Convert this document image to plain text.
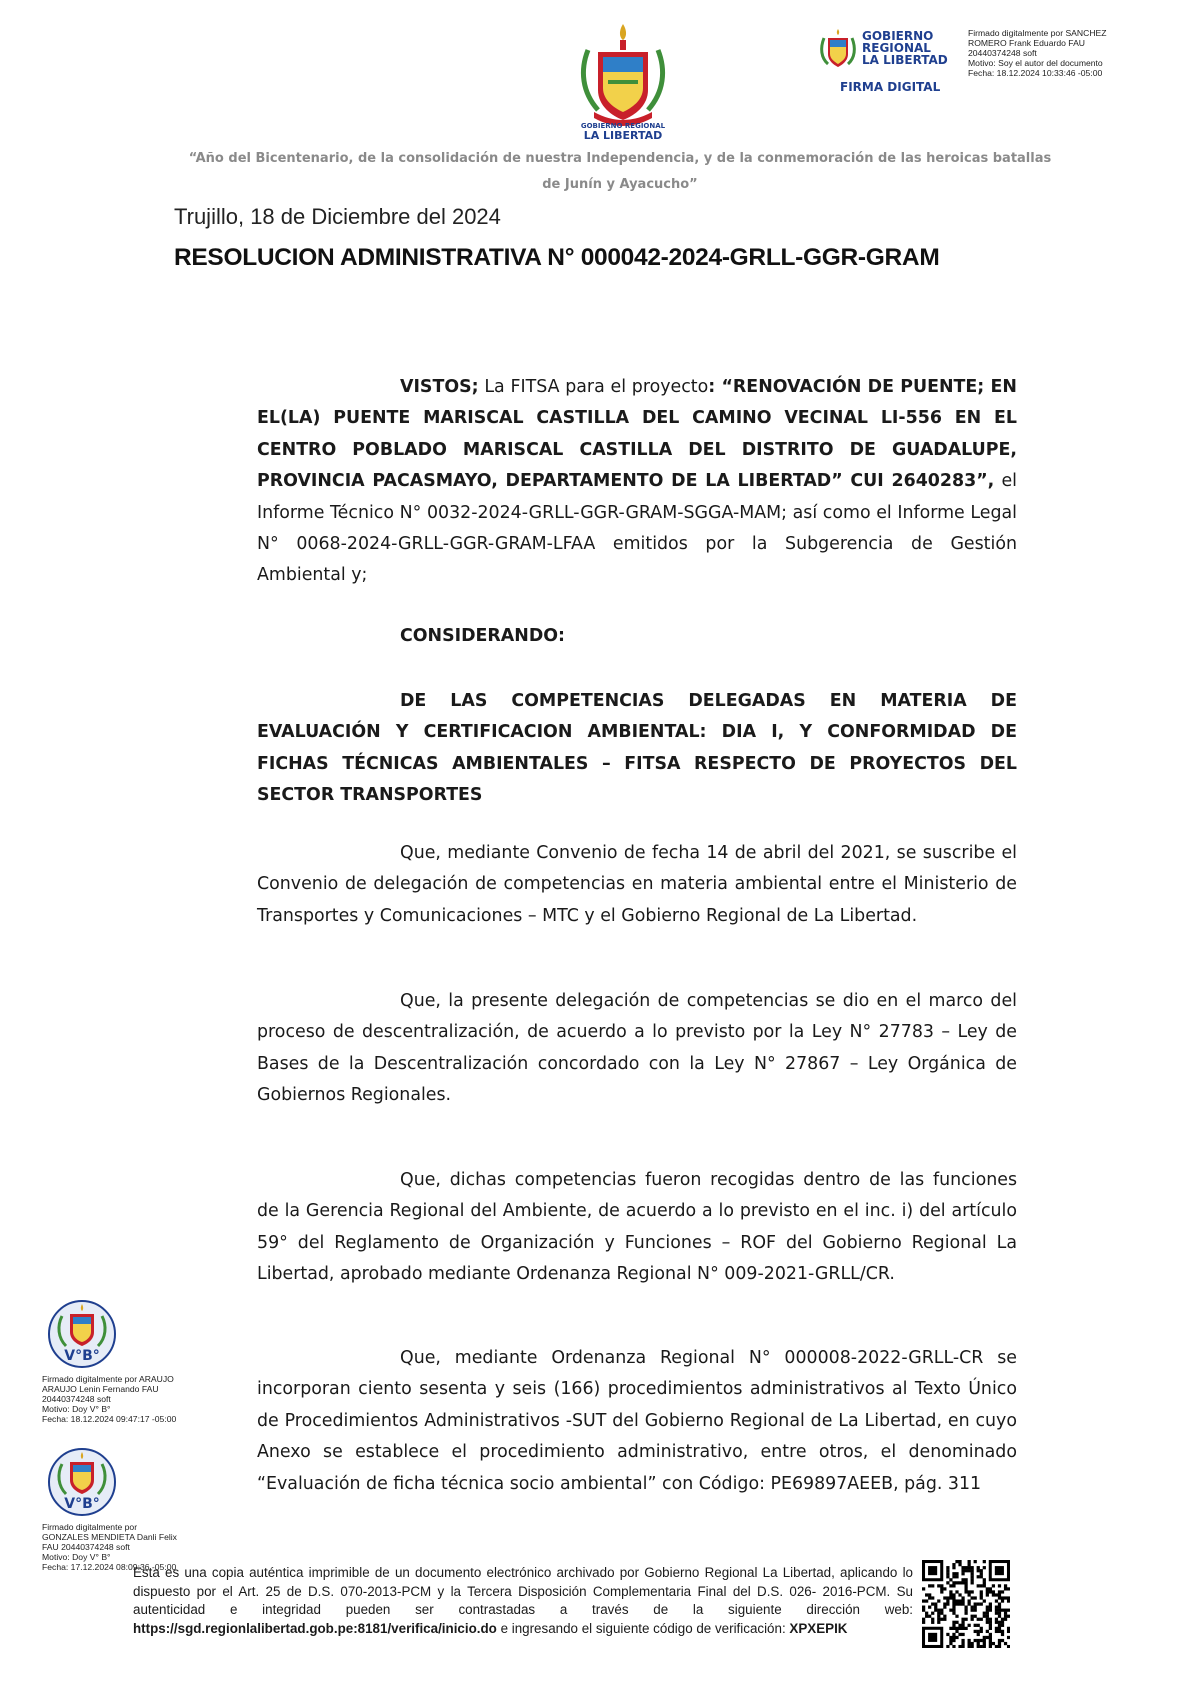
GOBIERNO REGIONAL
LA LIBERTAD
GOBIERNO
REGIONAL
LA LIBERTAD
FIRMA DIGITAL
Firmado digitalmente por SANCHEZ
ROMERO Frank Eduardo FAU
20440374248 soft
Motivo: Soy el autor del documento
Fecha: 18.12.2024 10:33:46 -05:00
“Año del Bicentenario, de la consolidación de nuestra Independencia, y de la conmemoración de las heroicas batallas de Junín y Ayacucho”
Trujillo, 18 de Diciembre del 2024
RESOLUCION ADMINISTRATIVA N° 000042-2024-GRLL-GGR-GRAM
VISTOS; La FITSA para el proyecto: “RENOVACIÓN DE PUENTE; EN EL(LA) PUENTE MARISCAL CASTILLA DEL CAMINO VECINAL LI-556 EN EL CENTRO POBLADO MARISCAL CASTILLA DEL DISTRITO DE GUADALUPE, PROVINCIA PACASMAYO, DEPARTAMENTO DE LA LIBERTAD” CUI 2640283”, el Informe Técnico N° 0032-2024-GRLL-GGR-GRAM-SGGA-MAM; así como el Informe Legal N° 0068-2024-GRLL-GGR-GRAM-LFAA emitidos por la Subgerencia de Gestión Ambiental y;
CONSIDERANDO:
DE LAS COMPETENCIAS DELEGADAS EN MATERIA DE EVALUACIÓN Y CERTIFICACION AMBIENTAL: DIA I, Y CONFORMIDAD DE FICHAS TÉCNICAS AMBIENTALES – FITSA RESPECTO DE PROYECTOS DEL SECTOR TRANSPORTES
Que, mediante Convenio de fecha 14 de abril del 2021, se suscribe el Convenio de delegación de competencias en materia ambiental entre el Ministerio de Transportes y Comunicaciones – MTC y el Gobierno Regional de La Libertad.
Que, la presente delegación de competencias se dio en el marco del proceso de descentralización, de acuerdo a lo previsto por la Ley N° 27783 – Ley de Bases de la Descentralización concordado con la Ley N° 27867 – Ley Orgánica de Gobiernos Regionales.
Que, dichas competencias fueron recogidas dentro de las funciones de la Gerencia Regional del Ambiente, de acuerdo a lo previsto en el inc. i) del artículo 59° del Reglamento de Organización y Funciones – ROF del Gobierno Regional La Libertad, aprobado mediante Ordenanza Regional N° 009-2021-GRLL/CR.
Que, mediante Ordenanza Regional N° 000008-2022-GRLL-CR se incorporan ciento sesenta y seis (166) procedimientos administrativos al Texto Único de Procedimientos Administrativos -SUT del Gobierno Regional de La Libertad, en cuyo Anexo se establece el procedimiento administrativo, entre otros, el denominado “Evaluación de ficha técnica socio ambiental” con Código: PE69897AEEB, pág. 311
V°B°
Firmado digitalmente por ARAUJO
ARAUJO Lenin Fernando FAU
20440374248 soft
Motivo: Doy V° B°
Fecha: 18.12.2024 09:47:17 -05:00
V°B°
Firmado digitalmente por
GONZALES MENDIETA Danli Felix
FAU 20440374248 soft
Motivo: Doy V° B°
Fecha: 17.12.2024 08:09:36 -05:00
Esta es una copia auténtica imprimible de un documento electrónico archivado por Gobierno Regional La Libertad, aplicando lo dispuesto por el Art. 25 de D.S. 070-2013-PCM y la Tercera Disposición Complementaria Final del D.S. 026- 2016-PCM. Su autenticidad e integridad pueden ser contrastadas a través de la siguiente dirección web: https://sgd.regionlalibertad.gob.pe:8181/verifica/inicio.do e ingresando el siguiente código de verificación: XPXEPIK
